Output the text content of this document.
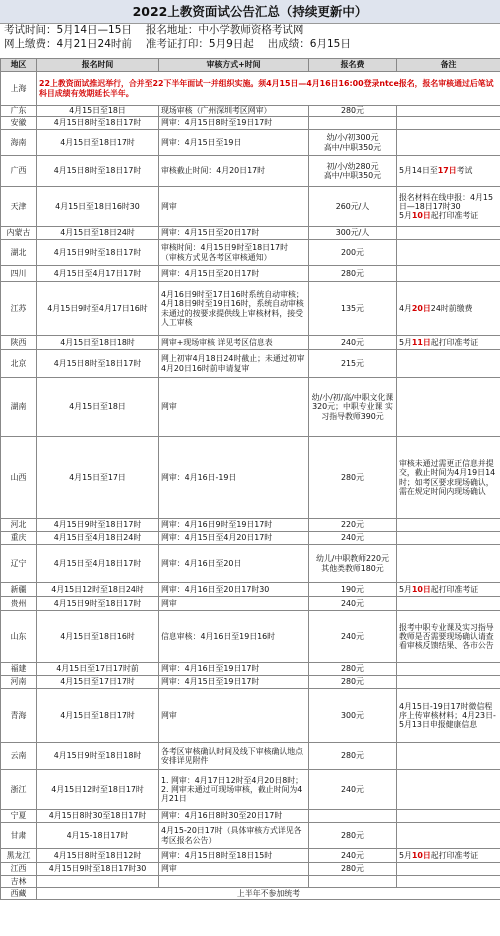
2022上教资面试公告汇总（持续更新中）
考试时间：5月14日—15日 报名地址：中小学教师资格考试网
网上缴费：4月21日24时前 准考证打印：5月9日起 出成绩：6月15日
地区	报名时间	审核方式+时间	报名费	备注
上海	22上教资面试推迟举行，合并至22下半年面试一并组织实施。须4月15日—4月16日16:00登录ntce报名，报名审核通过后笔试科目成绩有效期延长半年。			
广东	4月15日至18日	现场审核（广州深圳考区网审）	280元	
安徽	4月15日8时至18日17时	网审：4月15日8时至19日17时		
海南	4月15日至18日17时	网审：4月15日至19日	幼/小/初300元
高中/中职350元	
广西	4月15日8时至18日17时	审核截止时间：4月20日17时	初/小/幼280元
高中/中职350元	5月14日至17日考试
天津	4月15日至18日16时30	网审	260元/人	报名材料在线申报：4月15日—18日17时30
5月10日起打印准考证
内蒙古	4月15日至18日24时	网审：4月15日至20日17时	300元/人	
湖北	4月15日9时至18日17时	审核时间：4月15日9时至18日17时
（审核方式见各考区审核通知）	200元	
四川	4月15日至4月17日17时	网审：4月15日至20日17时	280元	
江苏	4月15日9时至4月17日16时	4月16日9时至17日16时系统自动审核；4月18日9时至19日16时，系统自动审核未通过的按要求提供线上审核材料，接受人工审核	135元	4月20日24时前缴费
陕西	4月15日至18日18时	网审+现场审核 详见考区信息表	240元	5月11日起打印准考证
北京	4月15日8时至18日17时	网上初审4月18日24时截止；未通过初审4月20日16时前申请复审	215元	
湖南	4月15日至18日	网审	幼/小/初/高/中职文化课320元；中职专业课 实习指导教师390元	
山西	4月15日至17日	网审：4月16日-19日	280元	审核未通过需更正信息并提交，截止时间为4月19日14时；如考区要求现场确认，需在规定时间内现场确认
河北	4月15日9时至18日17时	网审：4月16日9时至19日17时	220元	
重庆	4月15日至4月18日24时	网审：4月15日至4月20日17时	240元	
辽宁	4月15日至4月18日17时	网审：4月16日至20日	幼儿/中职教师220元
其他类教师180元	
新疆	4月15日12时至18日24时	网审：4月16日至20日17时30	190元	5月10日起打印准考证
贵州	4月15日9时至18日17时	网审	240元	
山东	4月15日至18日16时	信息审核：4月16日至19日16时	240元	报考中职专业课及实习指导教师是否需要现场确认请查看审核反馈结果、各市公告
福建	4月15日至17日17时前	网审：4月16日至19日17时	280元	
河南	4月15日至17日17时	网审：4月15日至19日17时	280元	
青海	4月15日至18日17时	网审	300元	4月15日-19日17时微信程序上传审核材料；4月23日-5月13日申报健康信息
云南	4月15日9时至18日18时	各考区审核确认时间及线下审核确认地点安排详见附件	280元	
浙江	4月15日12时至18日17时	1. 网审：4月17日12时至4月20日8时；2. 网审未通过可现场审核，截止时间为4月21日	240元	
宁夏	4月15日8时30至18日17时	网审：4月16日8时30至20日17时		
甘肃	4月15-18日17时	4月15-20日17时（具体审核方式详见各考区报名公告）	280元	
黑龙江	4月15日8时至18日12时	网审：4月15日8时至18日15时	240元	5月10日起打印准考证
江西	4月15日9时至18日17时30	网审	280元	
吉林				
西藏	上半年不参加统考			
